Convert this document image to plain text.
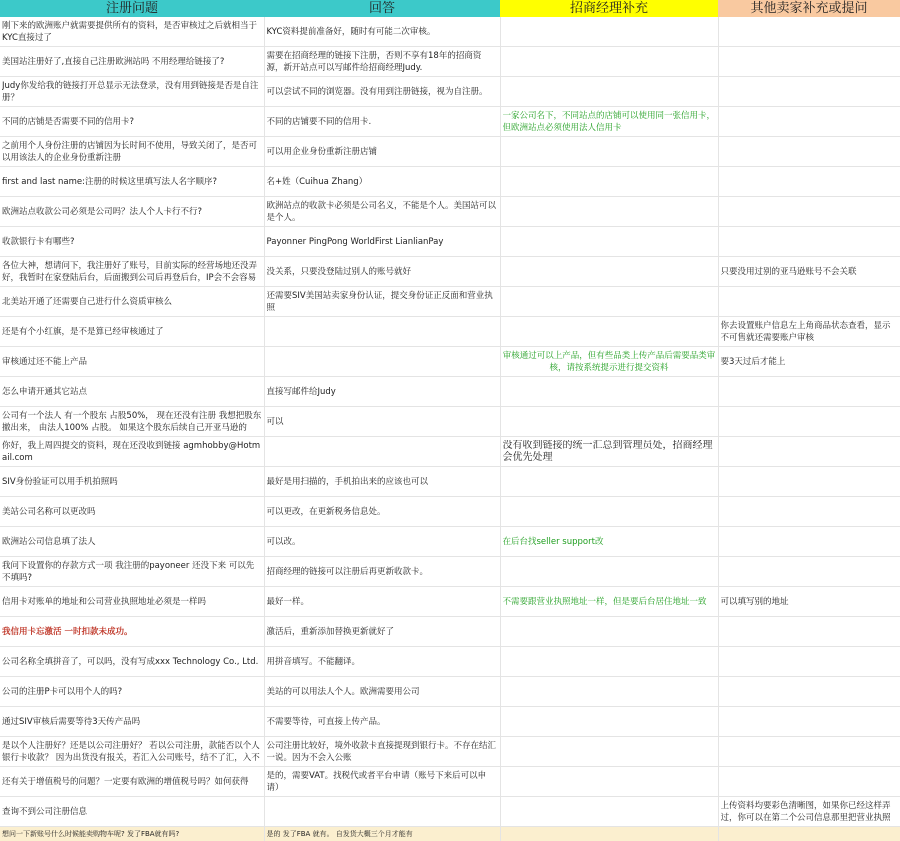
注册问题	回答	招商经理补充	其他卖家补充或提问

刚下来的欧洲账户就需要提供所有的资料，是否审核过之后就相当于KYC直接过了	KYC资料提前准备好，随时有可能二次审核。		

美国站注册好了,直接自己注册欧洲站吗 不用经理给链接了?	需要在招商经理的链接下注册，否则不享有18年的招商资源，新开站点可以写邮件给招商经理Judy.		

Judy你发给我的链接打开总显示无法登录，没有用到链接是否是自注册？	可以尝试不同的浏览器。没有用到注册链接，视为自注册。		

不同的店铺是否需要不同的信用卡?	不同的店铺要不同的信用卡.	一家公司名下，不同站点的店铺可以使用同一张信用卡，但欧洲站点必须使用法人信用卡	

之前用个人身份注册的店铺因为长时间不使用，导致关闭了，是否可以用该法人的企业身份重新注册	可以用企业身份重新注册店铺		

first and last name:注册的时候这里填写法人名字顺序?	名+姓（Cuihua Zhang）		

欧洲站点收款公司必须是公司吗？法人个人卡行不行?	欧洲站点的收款卡必须是公司名义，不能是个人。美国站可以是个人。		

收款银行卡有哪些?	Payonner PingPong WorldFirst LianlianPay		

各位大神，想请问下，我注册好了账号，目前实际的经营场地还没弄好，我暂时在家登陆后台，后面搬到公司后再登后台，IP会不会容易	没关系，只要没登陆过别人的账号就好		只要没用过别的亚马逊账号不会关联

北美站开通了还需要自己进行什么资质审核么	还需要SIV美国站卖家身份认证，提交身份证正反面和营业执照		

还是有个小红旗，是不是算已经审核通过了			你去设置账户信息左上角商品状态查看，显示不可售就还需要账户审核

审核通过还不能上产品		审核通过可以上产品，但有些品类上传产品后需要品类审核，请按系统提示进行提交资料	要3天过后才能上

怎么申请开通其它站点	直接写邮件给Judy		

公司有一个法人 有一个股东 占股50%， 现在还没有注册 我想把股东撤出来， 由法人100% 占股。 如果这个股东后续自己开亚马逊的	可以		

你好，我上周四提交的资料，现在还没收到链接 agmhobby@Hotmail.com		没有收到链接的统一汇总到管理员处，招商经理会优先处理	

SIV身份验证可以用手机拍照吗	最好是用扫描的，手机拍出来的应该也可以		

美站公司名称可以更改吗	可以更改，在更新税务信息处。		

欧洲站公司信息填了法人	可以改。	在后台找seller support改	

我问下设置你的存款方式一项 我注册的payoneer 还没下来 可以先不填吗?	招商经理的链接可以注册后再更新收款卡。		

信用卡对账单的地址和公司营业执照地址必须是一样吗	最好一样。	不需要跟营业执照地址一样，但是要后台居住地址一致	可以填写别的地址

我信用卡忘激活 一时扣款未成功。	激活后，重新添加替换更新就好了		

公司名称全填拼音了，可以吗，没有写成xxx Technology Co., Ltd.	用拼音填写。不能翻译。		

公司的注册P卡可以用个人的吗?	美站的可以用法人个人。欧洲需要用公司		

通过SIV审核后需要等待3天传产品吗	不需要等待，可直接上传产品。		

是以个人注册好？还是以公司注册好？ 若以公司注册，款能否以个人银行卡收款？ 因为出货没有报关，若汇入公司账号，结不了汇，入不	公司注册比较好，境外收款卡直接提现到银行卡。不存在结汇一说。因为不会入公账		

还有关于增值税号的问题？一定要有欧洲的增值税号吗？如何获得	是的，需要VAT。找税代或者平台申请（账号下来后可以申请）		

查询不到公司注册信息			上传资料均要彩色清晰图，如果你已经这样弄过，你可以在第二个公司信息那里把营业执照

想问一下新账号什么时候能卖购物车呢? 发了FBA就有吗?	是的 发了FBA 就有。 自发货大概三个月才能有		
